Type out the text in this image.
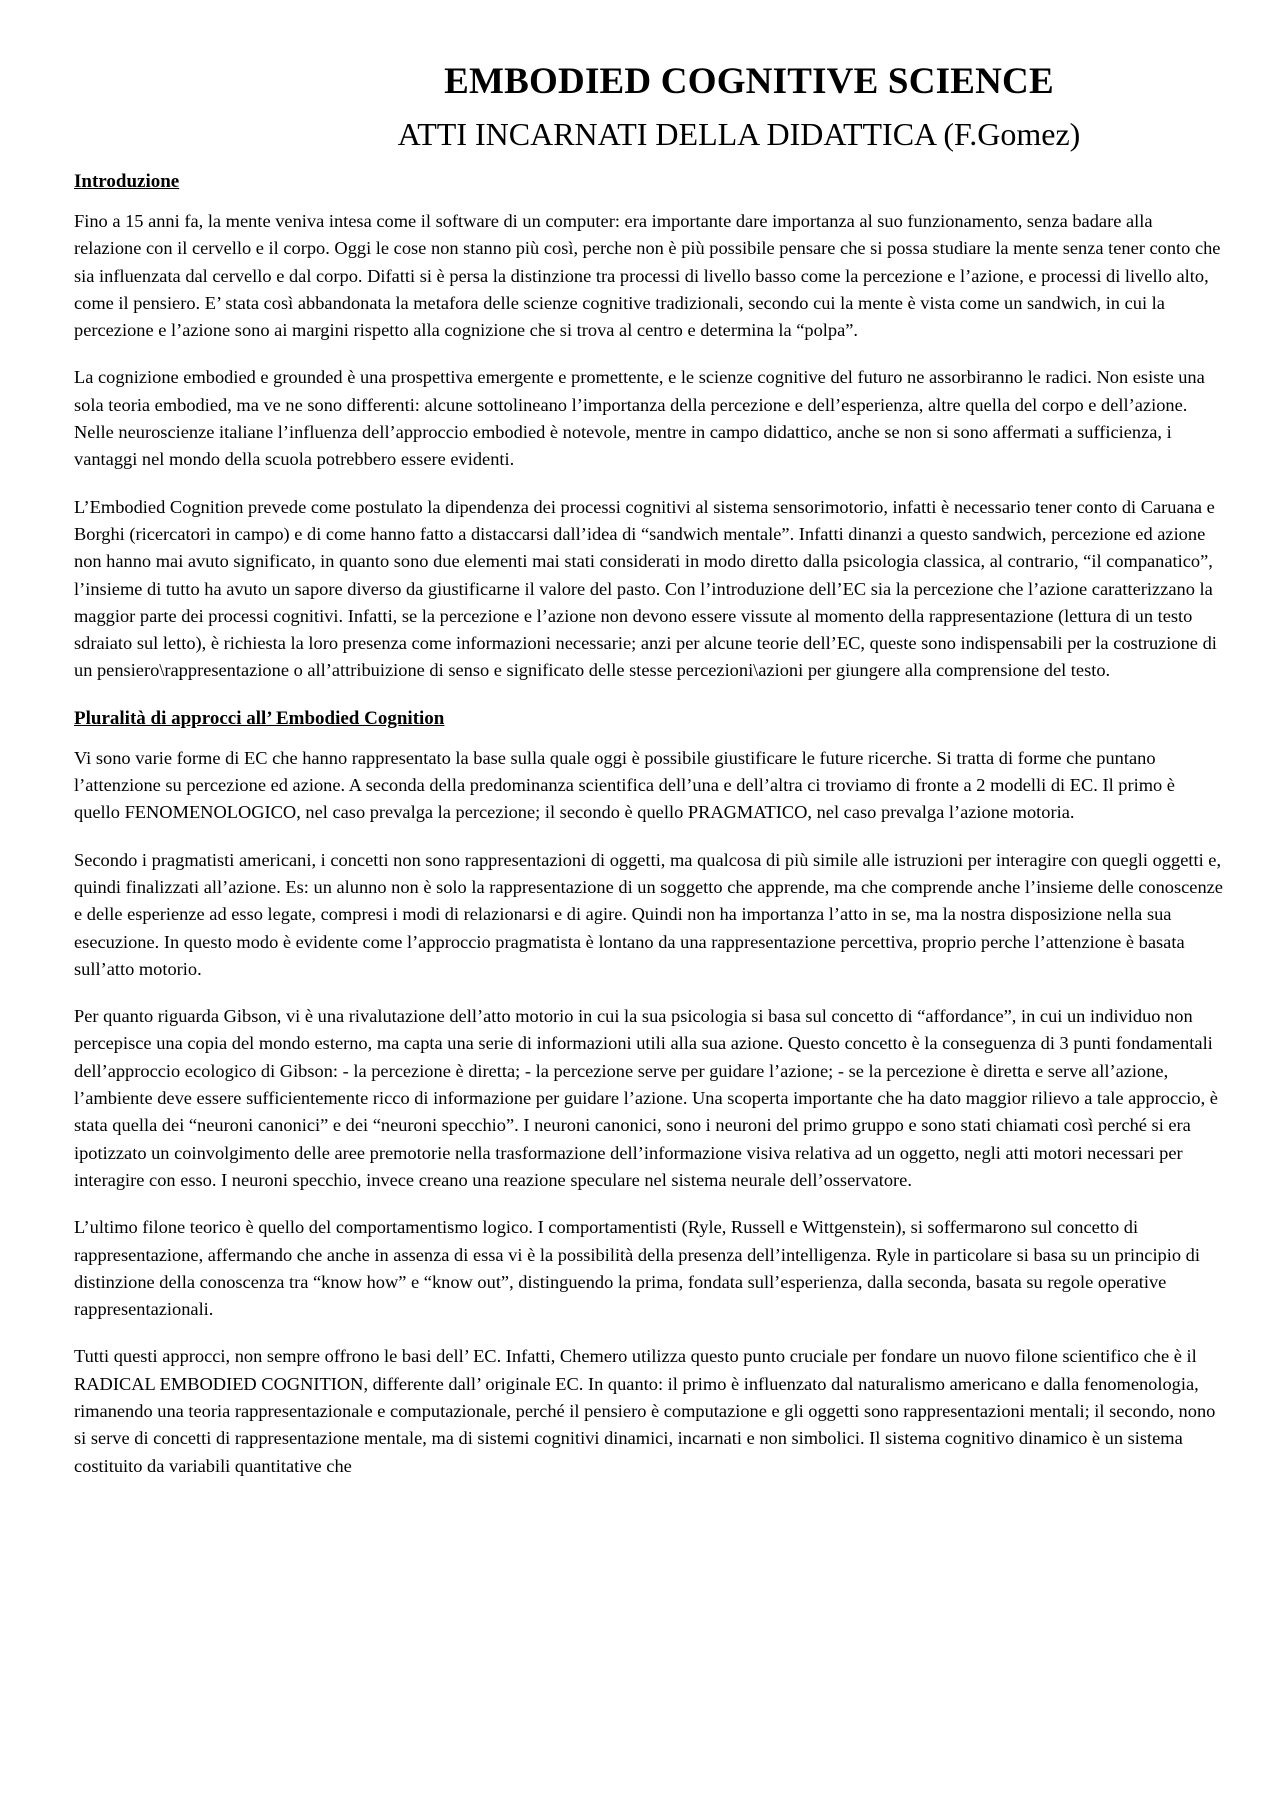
EMBODIED COGNITIVE SCIENCE
ATTI INCARNATI DELLA DIDATTICA (F.Gomez)
Introduzione

Fino a 15 anni fa, la mente veniva intesa come il software di un computer: era importante dare importanza al suo funzionamento, senza badare alla relazione con il cervello e il corpo. Oggi le cose non stanno più così, perche non è più possibile pensare che si possa studiare la mente senza tener conto che sia influenzata dal cervello e dal corpo. Difatti si è persa la distinzione tra processi di livello basso come la percezione e l’azione, e processi di livello alto, come il pensiero. E’ stata così abbandonata la metafora delle scienze cognitive tradizionali, secondo cui la mente è vista come un sandwich, in cui la percezione e l’azione sono ai margini rispetto alla cognizione che si trova al centro e determina la “polpa”.

La cognizione embodied e grounded è una prospettiva emergente e promettente, e le scienze cognitive del futuro ne assorbiranno le radici. Non esiste una sola teoria embodied, ma ve ne sono differenti: alcune sottolineano l’importanza della percezione e dell’esperienza, altre quella del corpo e dell’azione. Nelle neuroscienze italiane l’influenza dell’approccio embodied è notevole, mentre in campo didattico, anche se non si sono affermati a sufficienza, i vantaggi nel mondo della scuola potrebbero essere evidenti.

L’Embodied Cognition prevede come postulato la dipendenza dei processi cognitivi al sistema sensorimotorio, infatti è necessario tener conto di Caruana e Borghi (ricercatori in campo) e di come hanno fatto a distaccarsi dall’idea di “sandwich mentale”. Infatti dinanzi a questo sandwich, percezione ed azione non hanno mai avuto significato, in quanto sono due elementi mai stati considerati in modo diretto dalla psicologia classica, al contrario, “il companatico”, l’insieme di tutto ha avuto un sapore diverso da giustificarne il valore del pasto. Con l’introduzione dell’EC sia la percezione che l’azione caratterizzano la maggior parte dei processi cognitivi. Infatti, se la percezione e l’azione non devono essere vissute al momento della rappresentazione (lettura di un testo sdraiato sul letto), è richiesta la loro presenza come informazioni necessarie; anzi per alcune teorie dell’EC, queste sono indispensabili per la costruzione di un pensiero\rappresentazione o all’attribuizione di senso e significato delle stesse percezioni\azioni per giungere alla comprensione del testo.

Pluralità di approcci all’ Embodied Cognition

Vi sono varie forme di EC che hanno rappresentato la base sulla quale oggi è possibile giustificare le future ricerche. Si tratta di forme che puntano l’attenzione su percezione ed azione. A seconda della predominanza scientifica dell’una e dell’altra ci troviamo di fronte a 2 modelli di EC. Il primo è quello FENOMENOLOGICO, nel caso prevalga la percezione; il secondo è quello PRAGMATICO, nel caso prevalga l’azione motoria.

Secondo i pragmatisti americani, i concetti non sono rappresentazioni di oggetti, ma qualcosa di più simile alle istruzioni per interagire con quegli oggetti e, quindi finalizzati all’azione. Es: un alunno non è solo la rappresentazione di un soggetto che apprende, ma che comprende anche l’insieme delle conoscenze e delle esperienze ad esso legate, compresi i modi di relazionarsi e di agire. Quindi non ha importanza l’atto in se, ma la nostra disposizione nella sua esecuzione. In questo modo è evidente come l’approccio pragmatista è lontano da una rappresentazione percettiva, proprio perche l’attenzione è basata sull’atto motorio.

Per quanto riguarda Gibson, vi è una rivalutazione dell’atto motorio in cui la sua psicologia si basa sul concetto di “affordance”, in cui un individuo non percepisce una copia del mondo esterno, ma capta una serie di informazioni utili alla sua azione. Questo concetto è la conseguenza di 3 punti fondamentali dell’approccio ecologico di Gibson: - la percezione è diretta; - la percezione serve per guidare l’azione; - se la percezione è diretta e serve all’azione, l’ambiente deve essere sufficientemente ricco di informazione per guidare l’azione. Una scoperta importante che ha dato maggior rilievo a tale approccio, è stata quella dei “neuroni canonici” e dei “neuroni specchio”. I neuroni canonici, sono i neuroni del primo gruppo e sono stati chiamati così perché si era ipotizzato un coinvolgimento delle aree premotorie nella trasformazione dell’informazione visiva relativa ad un oggetto, negli atti motori necessari per interagire con esso. I neuroni specchio, invece creano una reazione speculare nel sistema neurale dell’osservatore.

L’ultimo filone teorico è quello del comportamentismo logico. I comportamentisti (Ryle, Russell e Wittgenstein), si soffermarono sul concetto di rappresentazione, affermando che anche in assenza di essa vi è la possibilità della presenza dell’intelligenza. Ryle in particolare si basa su un principio di distinzione della conoscenza tra “know how” e “know out”, distinguendo la prima, fondata sull’esperienza, dalla seconda, basata su regole operative rappresentazionali.

Tutti questi approcci, non sempre offrono le basi dell’ EC. Infatti, Chemero utilizza questo punto cruciale per fondare un nuovo filone scientifico che è il RADICAL EMBODIED COGNITION, differente dall’ originale EC. In quanto: il primo è influenzato dal naturalismo americano e dalla fenomenologia, rimanendo una teoria rappresentazionale e computazionale, perché il pensiero è computazione e gli oggetti sono rappresentazioni mentali; il secondo, nono si serve di concetti di rappresentazione mentale, ma di sistemi cognitivi dinamici, incarnati e non simbolici. Il sistema cognitivo dinamico è un sistema costituito da variabili quantitative che
